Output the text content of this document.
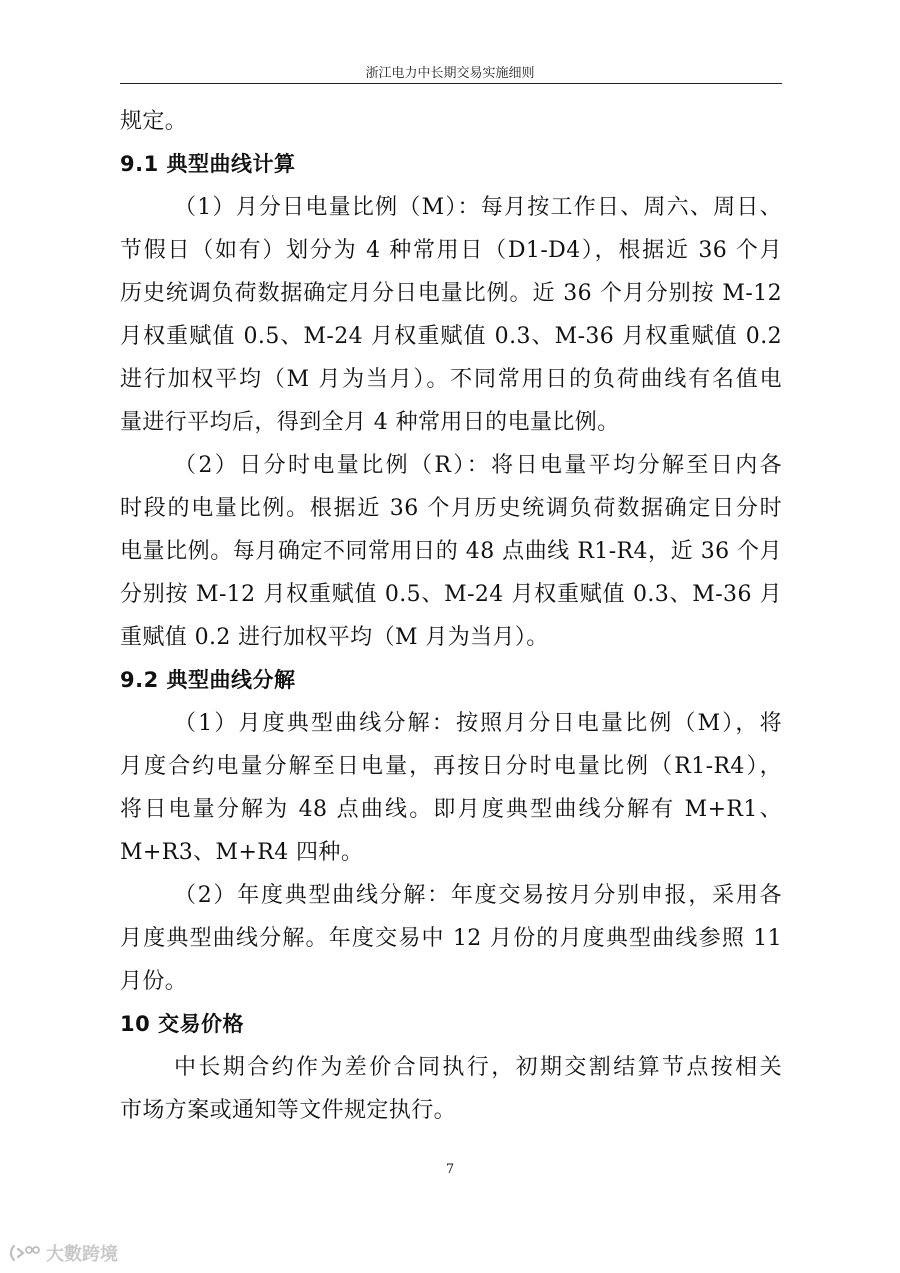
浙江电力中长期交易实施细则
规定。
9.1 典型曲线计算
（1）月分日电量比例（M）：每月按工作日、周六、周日、
节假日（如有）划分为 4 种常用日（D1-D4），根据近 36 个月
历史统调负荷数据确定月分日电量比例。近 36 个月分别按 M-12
月权重赋值 0.5、M-24 月权重赋值 0.3、M-36 月权重赋值 0.2
进行加权平均（M 月为当月）。不同常用日的负荷曲线有名值电
量进行平均后，得到全月 4 种常用日的电量比例。
（2）日分时电量比例（R）：将日电量平均分解至日内各
时段的电量比例。根据近 36 个月历史统调负荷数据确定日分时
电量比例。每月确定不同常用日的 48 点曲线 R1-R4，近 36 个月
分别按 M-12 月权重赋值 0.5、M-24 月权重赋值 0.3、M-36 月
重赋值 0.2 进行加权平均（M 月为当月）。
9.2 典型曲线分解
（1）月度典型曲线分解：按照月分日电量比例（M），将
月度合约电量分解至日电量，再按日分时电量比例（R1-R4），
将日电量分解为 48 点曲线。即月度典型曲线分解有 M+R1、
M+R3、M+R4 四种。
（2）年度典型曲线分解：年度交易按月分别申报，采用各
月度典型曲线分解。年度交易中 12 月份的月度典型曲线参照 11
月份。
10 交易价格
中长期合约作为差价合同执行，初期交割结算节点按相关
市场方案或通知等文件规定执行。
7
大數跨境
